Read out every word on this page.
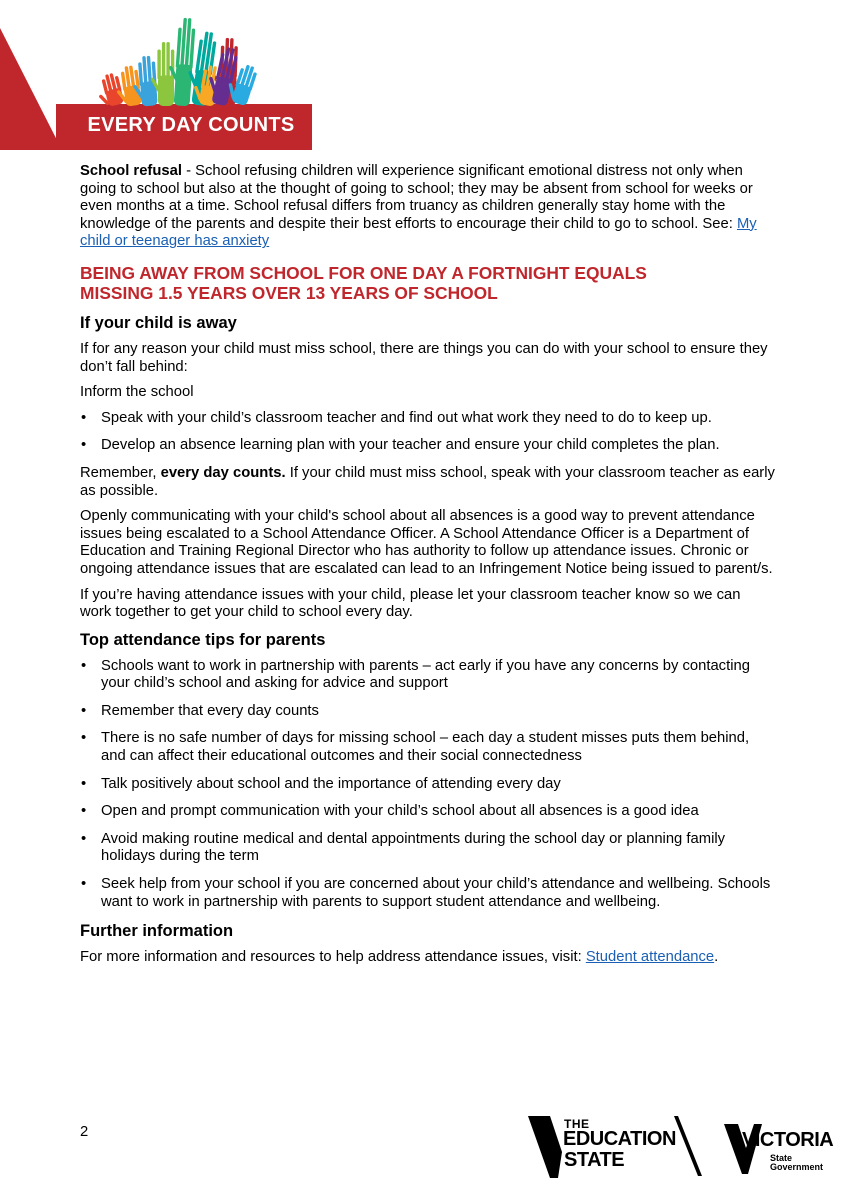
EVERY DAY COUNTS

School refusal - School refusing children will experience significant emotional distress not only when going to school but also at the thought of going to school; they may be absent from school for weeks or even months at a time. School refusal differs from truancy as children generally stay home with the knowledge of the parents and despite their best efforts to encourage their child to go to school. See: My child or teenager has anxiety

BEING AWAY FROM SCHOOL FOR ONE DAY A FORTNIGHT EQUALS
MISSING 1.5 YEARS OVER 13 YEARS OF SCHOOL
If your child is away

If for any reason your child must miss school, there are things you can do with your school to ensure they don’t fall behind:

Inform the school

• Speak with your child’s classroom teacher and find out what work they need to do to keep up.
• Develop an absence learning plan with your teacher and ensure your child completes the plan.

Remember, every day counts. If your child must miss school, speak with your classroom teacher as early as possible.

Openly communicating with your child's school about all absences is a good way to prevent attendance issues being escalated to a School Attendance Officer. A School Attendance Officer is a Department of Education and Training Regional Director who has authority to follow up attendance issues. Chronic or ongoing attendance issues that are escalated can lead to an Infringement Notice being issued to parent/s.

If you’re having attendance issues with your child, please let your classroom teacher know so we can work together to get your child to school every day.

Top attendance tips for parents
• Schools want to work in partnership with parents – act early if you have any concerns by contacting your child’s school and asking for advice and support
• Remember that every day counts
• There is no safe number of days for missing school – each day a student misses puts them behind, and can affect their educational outcomes and their social connectedness
• Talk positively about school and the importance of attending every day
• Open and prompt communication with your child’s school about all absences is a good idea
• Avoid making routine medical and dental appointments during the school day or planning family holidays during the term
• Seek help from your school if you are concerned about your child’s attendance and wellbeing. Schools want to work in partnership with parents to support student attendance and wellbeing.
Further information

For more information and resources to help address attendance issues, visit: Student attendance.

2	THE
EDUCATION
STATE
VICTORIA
State
Government
